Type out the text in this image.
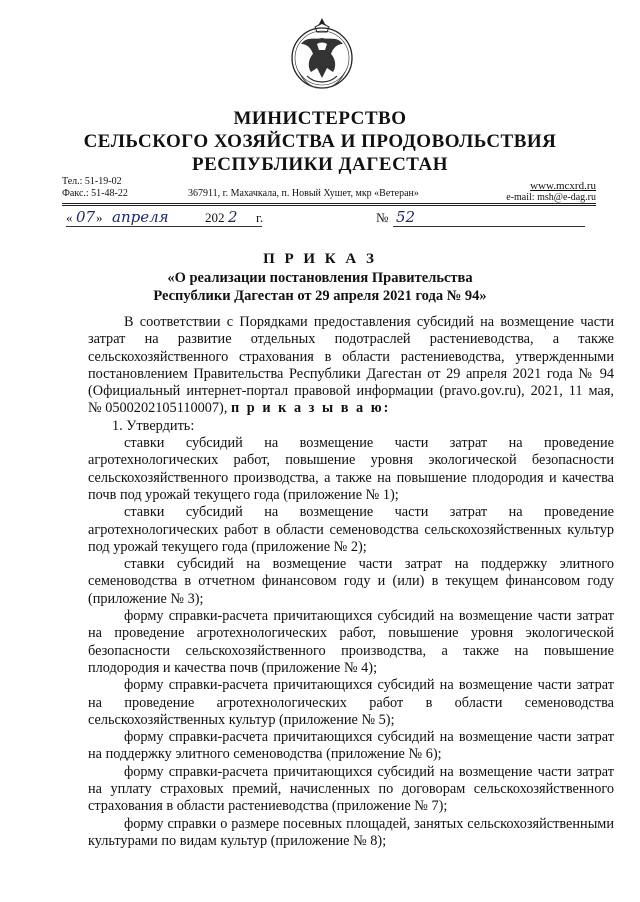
МИНИСТЕРСТВО
СЕЛЬСКОГО ХОЗЯЙСТВА И ПРОДОВОЛЬСТВИЯ
РЕСПУБЛИКИ ДАГЕСТАН
Тел.: 51-19-02
Факс.: 51-48-22	367911, г. Махачкала, п. Новый Хушет, мкр «Ветеран»
www.mcxrd.ru
e-mail: msh@e-dag.ru
« 07 » апреля	202 2 г.	№ 52
П Р И К А З
«О реализации постановления Правительства
Республики Дагестан от 29 апреля 2021 года № 94»

В соответствии с Порядками предоставления субсидий на возмещение части затрат на развитие отдельных подотраслей растениеводства, а также сельскохозяйственного страхования в области растениеводства, утвержденными постановлением Правительства Республики Дагестан от 29 апреля 2021 года № 94 (Официальный интернет-портал правовой информации (pravo.gov.ru), 2021, 11 мая, № 0500202105110007), п р и к а з ы в а ю:

1. Утвердить:

ставки субсидий на возмещение части затрат на проведение агротехнологических работ, повышение уровня экологической безопасности сельскохозяйственного производства, а также на повышение плодородия и качества почв под урожай текущего года (приложение № 1);

ставки субсидий на возмещение части затрат на проведение агротехнологических работ в области семеноводства сельскохозяйственных культур под урожай текущего года (приложение № 2);

ставки субсидий на возмещение части затрат на поддержку элитного семеноводства в отчетном финансовом году и (или) в текущем финансовом году (приложение № 3);

форму справки-расчета причитающихся субсидий на возмещение части затрат на проведение агротехнологических работ, повышение уровня экологической безопасности сельскохозяйственного производства, а также на повышение плодородия и качества почв (приложение № 4);

форму справки-расчета причитающихся субсидий на возмещение части затрат на проведение агротехнологических работ в области семеноводства сельскохозяйственных культур (приложение № 5);

форму справки-расчета причитающихся субсидий на возмещение части затрат на поддержку элитного семеноводства (приложение № 6);

форму справки-расчета причитающихся субсидий на возмещение части затрат на уплату страховых премий, начисленных по договорам сельскохозяйственного страхования в области растениеводства (приложение № 7);

форму справки о размере посевных площадей, занятых сельскохозяйственными культурами по видам культур (приложение № 8);
